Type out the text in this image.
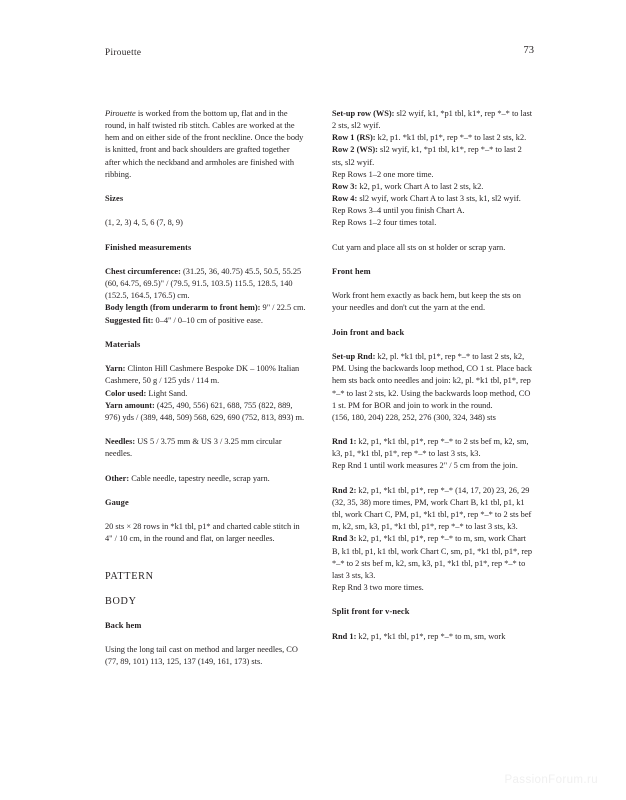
Pirouette	73

Pirouette is worked from the bottom up, flat and in the round, in half twisted rib stitch. Cables are worked at the hem and on either side of the front neckline. Once the body is knitted, front and back shoulders are grafted together after which the neckband and armholes are finished with ribbing.

Sizes

(1, 2, 3) 4, 5, 6 (7, 8, 9)

Finished measurements

Chest circumference: (31.25, 36, 40.75) 45.5, 50.5, 55.25 (60, 64.75, 69.5)" / (79.5, 91.5, 103.5) 115.5, 128.5, 140 (152.5, 164.5, 176.5) cm.

Body length (from underarm to front hem): 9" / 22.5 cm.

Suggested fit: 0–4" / 0–10 cm of positive ease.

Materials

Yarn: Clinton Hill Cashmere Bespoke DK – 100% Italian Cashmere, 50 g / 125 yds / 114 m.

Color used: Light Sand.

Yarn amount: (425, 490, 556) 621, 688, 755 (822, 889, 976) yds / (389, 448, 509) 568, 629, 690 (752, 813, 893) m.

Needles: US 5 / 3.75 mm & US 3 / 3.25 mm circular needles.

Other: Cable needle, tapestry needle, scrap yarn.

Gauge

20 sts × 28 rows in *k1 tbl, p1* and charted cable stitch in 4" / 10 cm, in the round and flat, on larger needles.

PATTERN
BODY
Back hem

Using the long tail cast on method and larger needles, CO (77, 89, 101) 113, 125, 137 (149, 161, 173) sts.

Set-up row (WS): sl2 wyif, k1, *p1 tbl, k1*, rep *–* to last 2 sts, sl2 wyif.

Row 1 (RS): k2, p1. *k1 tbl, p1*, rep *–* to last 2 sts, k2.

Row 2 (WS): sl2 wyif, k1, *p1 tbl, k1*, rep *–* to last 2 sts, sl2 wyif.

Rep Rows 1–2 one more time.

Row 3: k2, p1, work Chart A to last 2 sts, k2.

Row 4: sl2 wyif, work Chart A to last 3 sts, k1, sl2 wyif.

Rep Rows 3–4 until you finish Chart A.

Rep Rows 1–2 four times total.

Cut yarn and place all sts on st holder or scrap yarn.

Front hem

Work front hem exactly as back hem, but keep the sts on your needles and don't cut the yarn at the end.

Join front and back

Set-up Rnd: k2, pl. *k1 tbl, p1*, rep *–* to last 2 sts, k2, PM. Using the backwards loop method, CO 1 st. Place back hem sts back onto needles and join: k2, pl. *k1 tbl, p1*, rep *–* to last 2 sts, k2. Using the backwards loop method, CO 1 st. PM for BOR and join to work in the round.

(156, 180, 204) 228, 252, 276 (300, 324, 348) sts

Rnd 1: k2, p1, *k1 tbl, p1*, rep *–* to 2 sts bef m, k2, sm, k3, p1, *k1 tbl, p1*, rep *–* to last 3 sts, k3.

Rep Rnd 1 until work measures 2" / 5 cm from the join.

Rnd 2: k2, p1, *k1 tbl, p1*, rep *–* (14, 17, 20) 23, 26, 29 (32, 35, 38) more times, PM, work Chart B, k1 tbl, p1, k1 tbl, work Chart C, PM, p1, *k1 tbl, p1*, rep *–* to 2 sts bef m, k2, sm, k3, p1, *k1 tbl, p1*, rep *–* to last 3 sts, k3.

Rnd 3: k2, p1, *k1 tbl, p1*, rep *–* to m, sm, work Chart B, k1 tbl, p1, k1 tbl, work Chart C, sm, p1, *k1 tbl, p1*, rep *–* to 2 sts bef m, k2, sm, k3, p1, *k1 tbl, p1*, rep *–* to last 3 sts, k3.

Rep Rnd 3 two more times.

Split front for v-neck

Rnd 1: k2, p1, *k1 tbl, p1*, rep *–* to m, sm, work

PassionForum.ru
